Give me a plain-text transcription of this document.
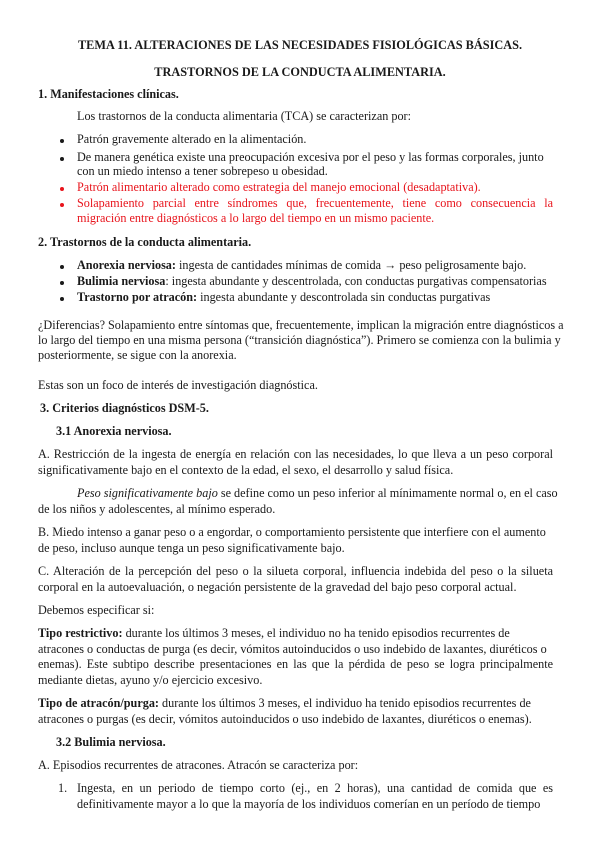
TEMA 11. ALTERACIONES DE LAS NECESIDADES FISIOLÓGICAS BÁSICAS.
TRASTORNOS DE LA CONDUCTA ALIMENTARIA.
1. Manifestaciones clínicas.
Los trastornos de la conducta alimentaria (TCA) se caracterizan por:
Patrón gravemente alterado en la alimentación.
De manera genética existe una preocupación excesiva por el peso y las formas corporales, junto
con un miedo intenso a tener sobrepeso u obesidad.
Patrón alimentario alterado como estrategia del manejo emocional (desadaptativa).
Solapamiento parcial entre síndromes que, frecuentemente, tiene como consecuencia la
migración entre diagnósticos a lo largo del tiempo en un mismo paciente.
2. Trastornos de la conducta alimentaria.
Anorexia nerviosa: ingesta de cantidades mínimas de comida → peso peligrosamente bajo.
Bulimia nerviosa: ingesta abundante y descentrolada, con conductas purgativas compensatorias
Trastorno por atracón: ingesta abundante y descontrolada sin conductas purgativas
¿Diferencias? Solapamiento entre síntomas que, frecuentemente, implican la migración entre diagnósticos a
lo largo del tiempo en una misma persona (“transición diagnóstica”). Primero se comienza con la bulimia y
posteriormente, se sigue con la anorexia.
Estas son un foco de interés de investigación diagnóstica.
3. Criterios diagnósticos DSM-5.
3.1 Anorexia nerviosa.
A. Restricción de la ingesta de energía en relación con las necesidades, lo que lleva a un peso corporal
significativamente bajo en el contexto de la edad, el sexo, el desarrollo y salud física.
Peso significativamente bajo se define como un peso inferior al mínimamente normal o, en el caso
de los niños y adolescentes, al mínimo esperado.
B. Miedo intenso a ganar peso o a engordar, o comportamiento persistente que interfiere con el aumento
de peso, incluso aunque tenga un peso significativamente bajo.
C. Alteración de la percepción del peso o la silueta corporal, influencia indebida del peso o la silueta
corporal en la autoevaluación, o negación persistente de la gravedad del bajo peso corporal actual.
Debemos especificar si:
Tipo restrictivo: durante los últimos 3 meses, el individuo no ha tenido episodios recurrentes de
atracones o conductas de purga (es decir, vómitos autoinducidos o uso indebido de laxantes, diuréticos o
enemas). Este subtipo describe presentaciones en las que la pérdida de peso se logra principalmente
mediante dietas, ayuno y/o ejercicio excesivo.
Tipo de atracón/purga: durante los últimos 3 meses, el individuo ha tenido episodios recurrentes de
atracones o purgas (es decir, vómitos autoinducidos o uso indebido de laxantes, diuréticos o enemas).
3.2 Bulimia nerviosa.
A. Episodios recurrentes de atracones. Atracón se caracteriza por:
1. Ingesta, en un periodo de tiempo corto (ej., en 2 horas), una cantidad de comida que es
definitivamente mayor a lo que la mayoría de los individuos comerían en un período de tiempo
